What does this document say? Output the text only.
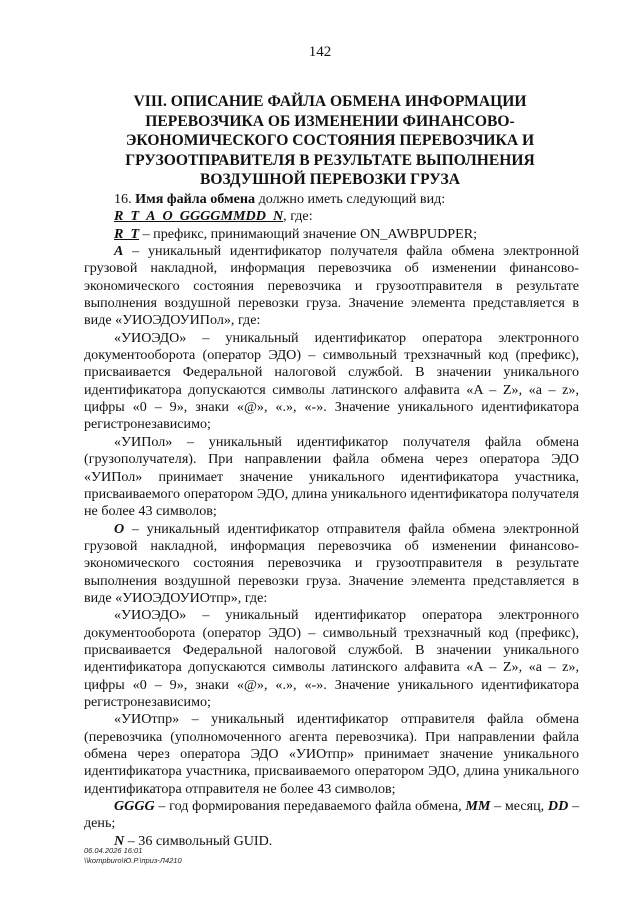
142
VIII. ОПИСАНИЕ ФАЙЛА ОБМЕНА ИНФОРМАЦИИ ПЕРЕВОЗЧИКА ОБ ИЗМЕНЕНИИ ФИНАНСОВО-ЭКОНОМИЧЕСКОГО СОСТОЯНИЯ ПЕРЕВОЗЧИКА И ГРУЗООТПРАВИТЕЛЯ В РЕЗУЛЬТАТЕ ВЫПОЛНЕНИЯ ВОЗДУШНОЙ ПЕРЕВОЗКИ ГРУЗА

16. Имя файла обмена должно иметь следующий вид:

R_T_A_O_GGGGMMDD_N, где:

R_T – префикс, принимающий значение ON_AWBPUDPER;

A – уникальный идентификатор получателя файла обмена электронной грузовой накладной, информация перевозчика об изменении финансово-экономического состояния перевозчика и грузоотправителя в результате выполнения воздушной перевозки груза. Значение элемента представляется в виде «УИОЭДОУИПол», где:

«УИОЭДО» – уникальный идентификатор оператора электронного документооборота (оператор ЭДО) – символьный трехзначный код (префикс), присваивается Федеральной налоговой службой. В значении уникального идентификатора допускаются символы латинского алфавита «A – Z», «a – z», цифры «0 – 9», знаки «@», «.», «-». Значение уникального идентификатора регистронезависимо;

«УИПол» – уникальный идентификатор получателя файла обмена (грузополучателя). При направлении файла обмена через оператора ЭДО «УИПол» принимает значение уникального идентификатора участника, присваиваемого оператором ЭДО, длина уникального идентификатора получателя не более 43 символов;

O – уникальный идентификатор отправителя файла обмена электронной грузовой накладной, информация перевозчика об изменении финансово-экономического состояния перевозчика и грузоотправителя в результате выполнения воздушной перевозки груза. Значение элемента представляется в виде «УИОЭДОУИОтпр», где:

«УИОЭДО» – уникальный идентификатор оператора электронного документооборота (оператор ЭДО) – символьный трехзначный код (префикс), присваивается Федеральной налоговой службой. В значении уникального идентификатора допускаются символы латинского алфавита «A – Z», «a – z», цифры «0 – 9», знаки «@», «.», «-». Значение уникального идентификатора регистронезависимо;

«УИОтпр» – уникальный идентификатор отправителя файла обмена (перевозчика (уполномоченного агента перевозчика). При направлении файла обмена через оператора ЭДО «УИОтпр» принимает значение уникального идентификатора участника, присваиваемого оператором ЭДО, длина уникального идентификатора отправителя не более 43 символов;

GGGG – год формирования передаваемого файла обмена, MM – месяц, DD – день;

N – 36 символьный GUID.

06.04.2026 16:01
\\kompburo\Ю.Р.\приз-Л4210
